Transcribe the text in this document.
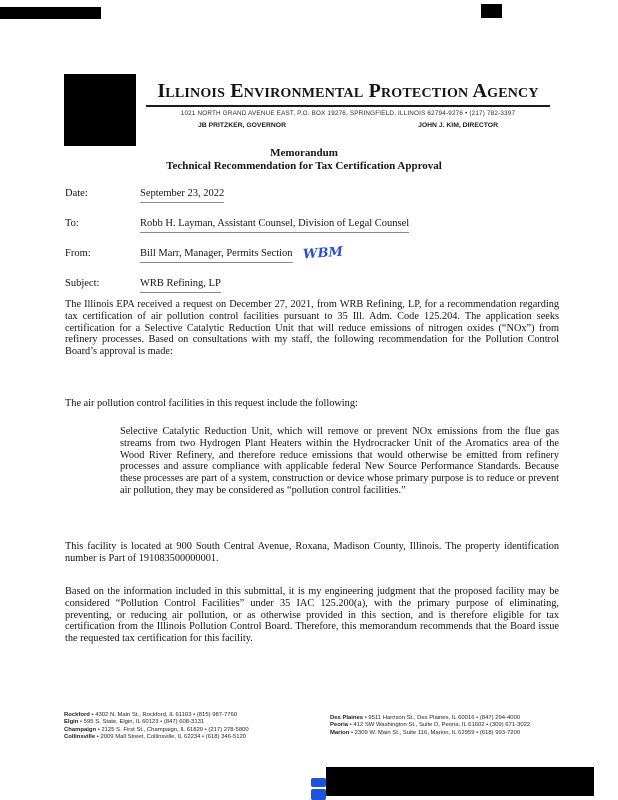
Illinois Environmental Protection Agency
1021 NORTH GRAND AVENUE EAST, P.O. BOX 19276, SPRINGFIELD, ILLINOIS 62794-9276 • (217) 782-3397
JB PRITZKER, GOVERNOR	JOHN J. KIM, DIRECTOR
Memorandum
Technical Recommendation for Tax Certification Approval
Date:	September 23, 2022
To:	Robb H. Layman, Assistant Counsel, Division of Legal Counsel
From:	Bill Marr, Manager, Permits Section WBM
Subject:	WRB Refining, LP
The Illinois EPA received a request on December 27, 2021, from WRB Refining, LP, for a recommendation regarding tax certification of air pollution control facilities pursuant to 35 Ill. Adm. Code 125.204. The application seeks certification for a Selective Catalytic Reduction Unit that will reduce emissions of nitrogen oxides (“NOx”) from refinery processes. Based on consultations with my staff, the following recommendation for the Pollution Control Board’s approval is made:
The air pollution control facilities in this request include the following:
Selective Catalytic Reduction Unit, which will remove or prevent NOx emissions from the flue gas streams from two Hydrogen Plant Heaters within the Hydrocracker Unit of the Aromatics area of the Wood River Refinery, and therefore reduce emissions that would otherwise be emitted from refinery processes and assure compliance with applicable federal New Source Performance Standards. Because these processes are part of a system, construction or device whose primary purpose is to reduce or prevent air pollution, they may be considered as “pollution control facilities.”
This facility is located at 900 South Central Avenue, Roxana, Madison County, Illinois. The property identification number is Part of 191083500000001.
Based on the information included in this submittal, it is my engineering judgment that the proposed facility may be considered “Pollution Control Facilities” under 35 IAC 125.200(a), with the primary purpose of eliminating, preventing, or reducing air pollution, or as otherwise provided in this section, and is therefore eligible for tax certification from the Illinois Pollution Control Board. Therefore, this memorandum recommends that the Board issue the requested tax certification for this facility.
Rockford • 4302 N. Main St., Rockford, IL 61103 • (815) 987-7760
Elgin • 595 S. State, Elgin, IL 60123 • (847) 608-3131
Champaign • 2125 S. First St., Champaign, IL 61820 • (217) 278-5800
Collinsville • 2009 Mall Street, Collinsville, IL 62234 • (618) 346-5120
Des Plaines • 9511 Harrison St., Des Plaines, IL 60016 • (847) 294-4000
Peoria • 412 SW Washington St., Suite D, Peoria, IL 61602 • (309) 671-3022
Marion • 2309 W. Main St., Suite 116, Marion, IL 62959 • (618) 993-7200
